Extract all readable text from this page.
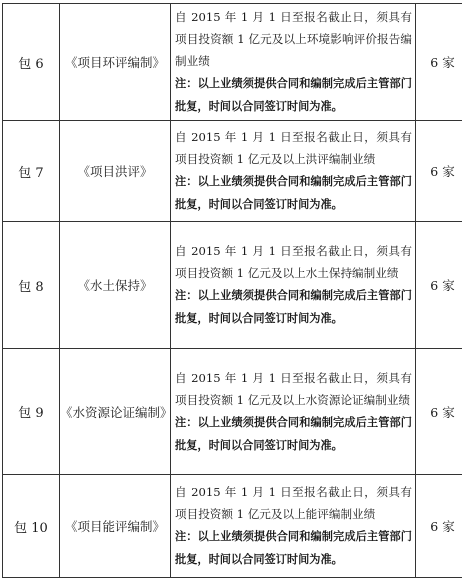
包 6	《项目环评编制》	自 2015 年 1 月 1 日至报名截止日，须具有项目投资额 1 亿元及以上环境影响评价报告编制业绩
注：以上业绩须提供合同和编制完成后主管部门批复，时间以合同签订时间为准。	6 家
包 7	《项目洪评》	自 2015 年 1 月 1 日至报名截止日，须具有项目投资额 1 亿元及以上洪评编制业绩
注：以上业绩须提供合同和编制完成后主管部门批复，时间以合同签订时间为准。	6 家
包 8	《水土保持》	自 2015 年 1 月 1 日至报名截止日，须具有项目投资额 1 亿元及以上水土保持编制业绩
注：以上业绩须提供合同和编制完成后主管部门批复，时间以合同签订时间为准。	6 家
包 9	《水资源论证编制》	自 2015 年 1 月 1 日至报名截止日，须具有项目投资额 1 亿元及以上水资源论证编制业绩
注：以上业绩须提供合同和编制完成后主管部门批复，时间以合同签订时间为准。	6 家
包 10	《项目能评编制》	自 2015 年 1 月 1 日至报名截止日，须具有项目投资额 1 亿元及以上能评编制业绩
注：以上业绩须提供合同和编制完成后主管部门批复，时间以合同签订时间为准。	6 家
